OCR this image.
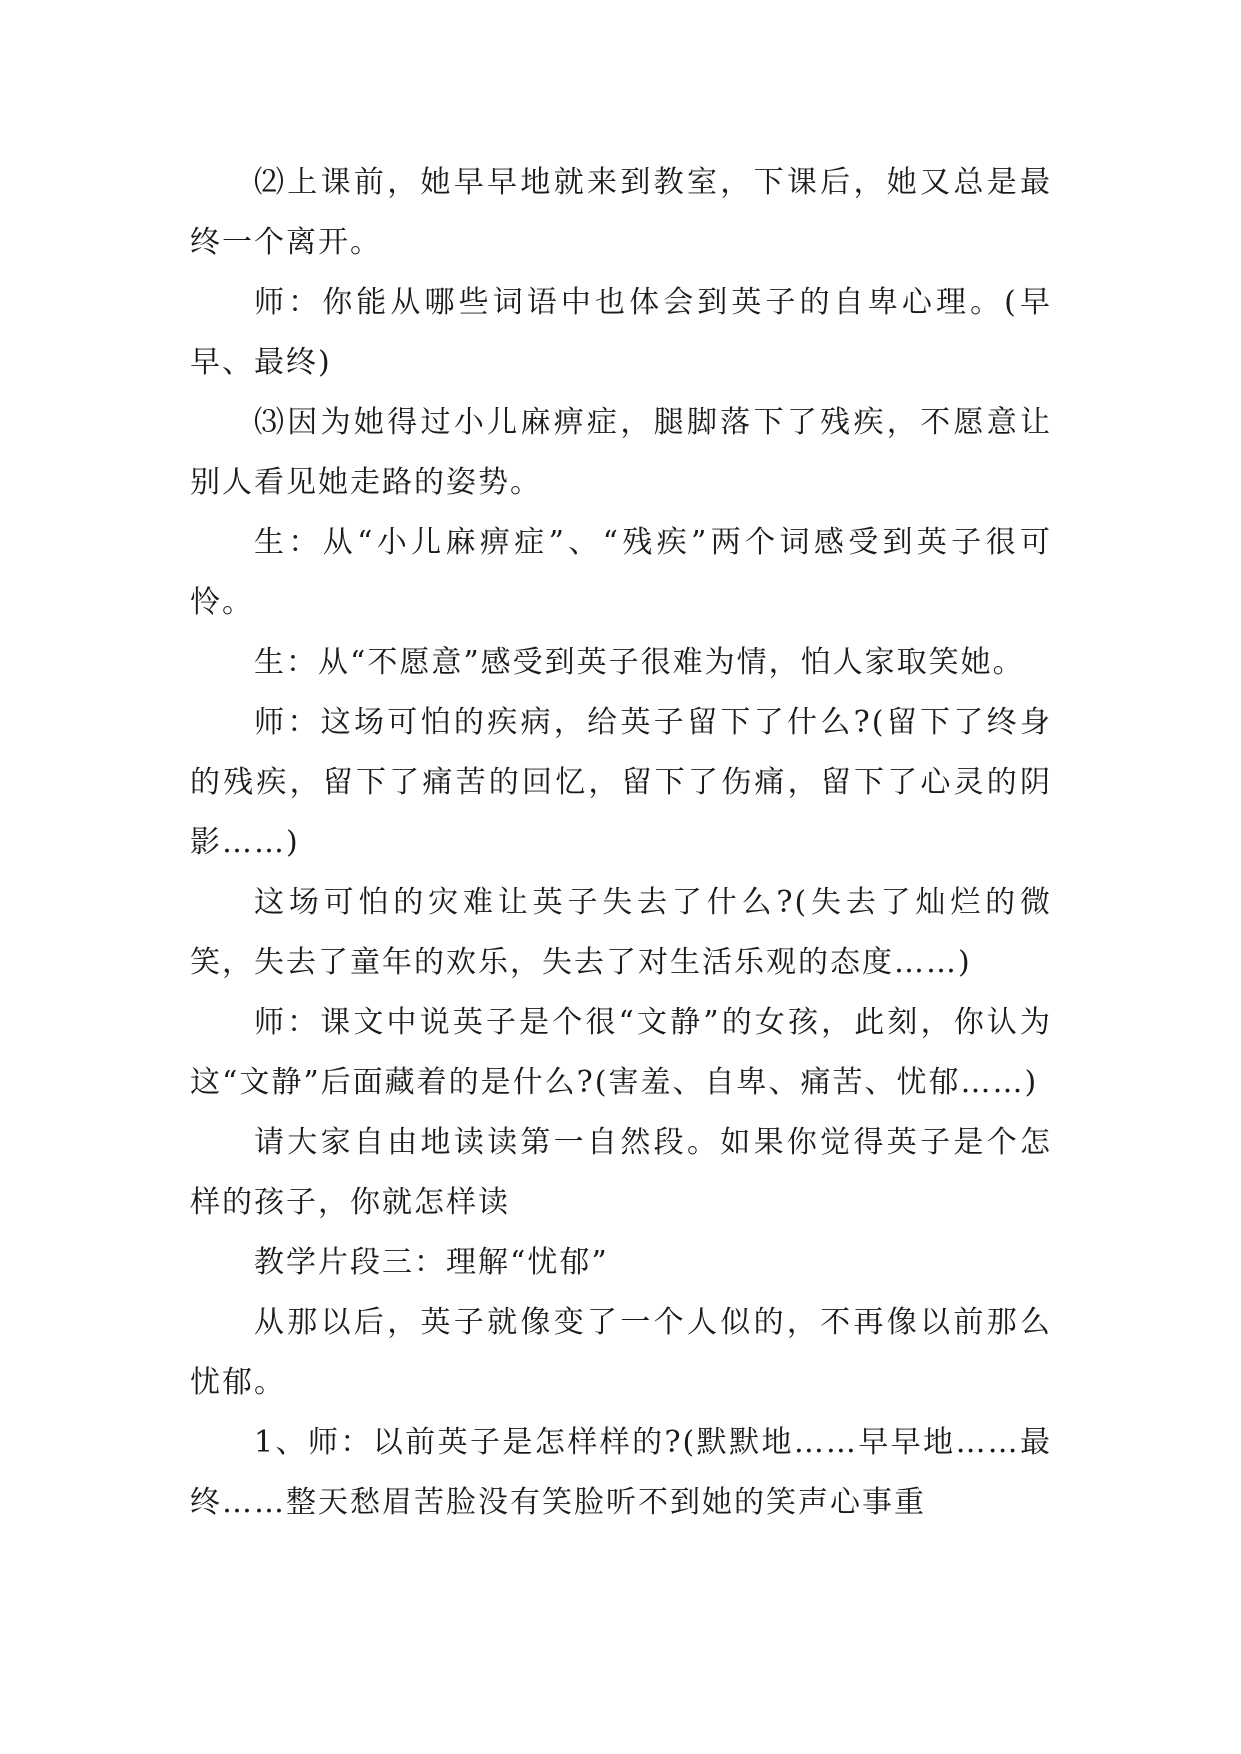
⑵上课前，她早早地就来到教室，下课后，她又总是最终一个离开。

师：你能从哪些词语中也体会到英子的自卑心理。(早早、最终)

⑶因为她得过小儿麻痹症，腿脚落下了残疾，不愿意让别人看见她走路的姿势。

生：从“小儿麻痹症”、“残疾”两个词感受到英子很可怜。

生：从“不愿意”感受到英子很难为情，怕人家取笑她。

师：这场可怕的疾病，给英子留下了什么?(留下了终身的残疾，留下了痛苦的回忆，留下了伤痛，留下了心灵的阴影……)

这场可怕的灾难让英子失去了什么?(失去了灿烂的微笑，失去了童年的欢乐，失去了对生活乐观的态度……)

师：课文中说英子是个很“文静”的女孩，此刻，你认为这“文静”后面藏着的是什么?(害羞、自卑、痛苦、忧郁……)

请大家自由地读读第一自然段。如果你觉得英子是个怎样的孩子，你就怎样读

教学片段三：理解“忧郁”

从那以后，英子就像变了一个人似的，不再像以前那么忧郁。

1、师：以前英子是怎样样的?(默默地……早早地……最终……整天愁眉苦脸没有笑脸听不到她的笑声心事重
